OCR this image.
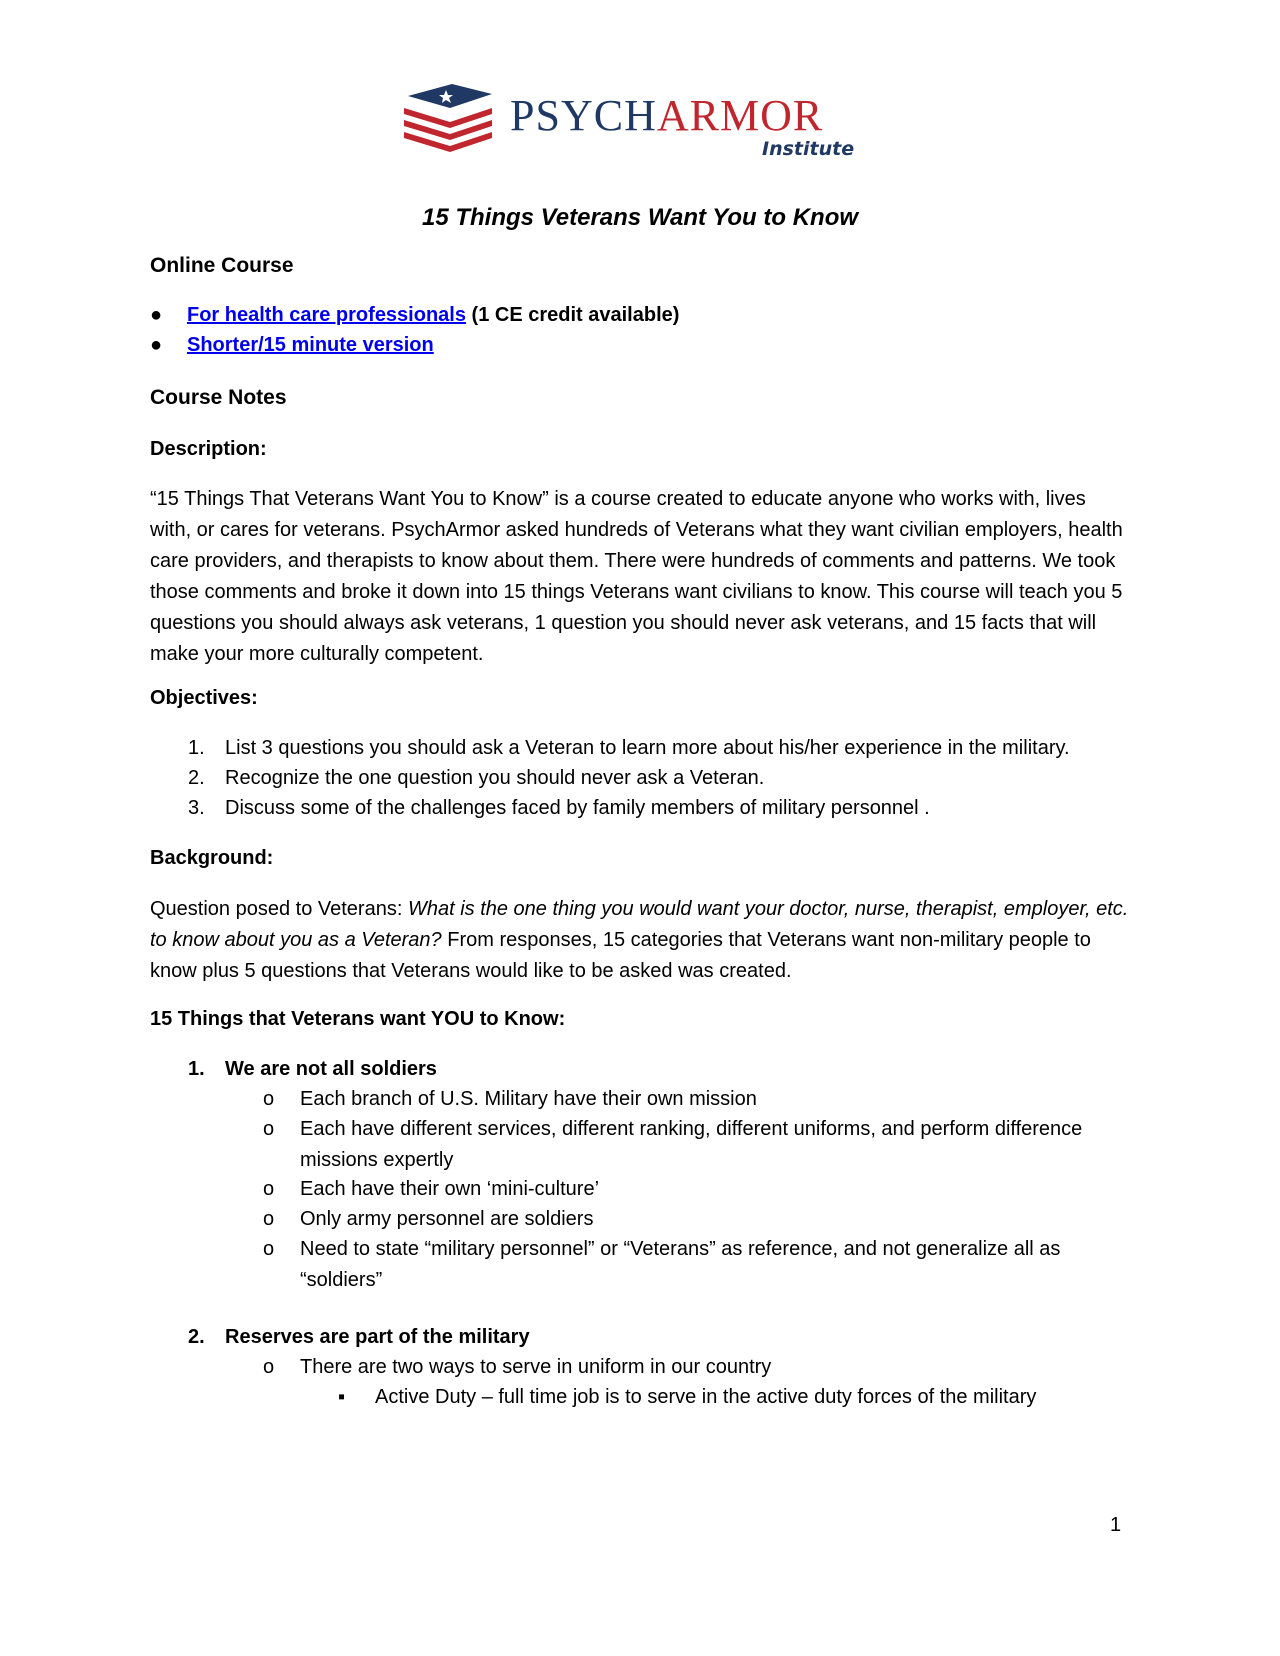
PSYCHARMOR
Institute
15 Things Veterans Want You to Know
Online Course
● For health care professionals (1 CE credit available)
● Shorter/15 minute version
Course Notes
Description:
“15 Things That Veterans Want You to Know” is a course created to educate anyone who works with, lives with, or cares for veterans. PsychArmor asked hundreds of Veterans what they want civilian employers, health care providers, and therapists to know about them. There were hundreds of comments and patterns. We took those comments and broke it down into 15 things Veterans want civilians to know. This course will teach you 5 questions you should always ask veterans, 1 question you should never ask veterans, and 15 facts that will make your more culturally competent.
Objectives:
1. List 3 questions you should ask a Veteran to learn more about his/her experience in the military.
2. Recognize the one question you should never ask a Veteran.
3. Discuss some of the challenges faced by family members of military personnel .
Background:
Question posed to Veterans: What is the one thing you would want your doctor, nurse, therapist, employer, etc. to know about you as a Veteran? From responses, 15 categories that Veterans want non-military people to know plus 5 questions that Veterans would like to be asked was created.
15 Things that Veterans want YOU to Know:
1. We are not all soldiers
o Each branch of U.S. Military have their own mission
o Each have different services, different ranking, different uniforms, and perform difference missions expertly
o Each have their own ‘mini-culture’
o Only army personnel are soldiers
o Need to state “military personnel” or “Veterans” as reference, and not generalize all as “soldiers”
2. Reserves are part of the military
o There are two ways to serve in uniform in our country
▪ Active Duty – full time job is to serve in the active duty forces of the military
1
